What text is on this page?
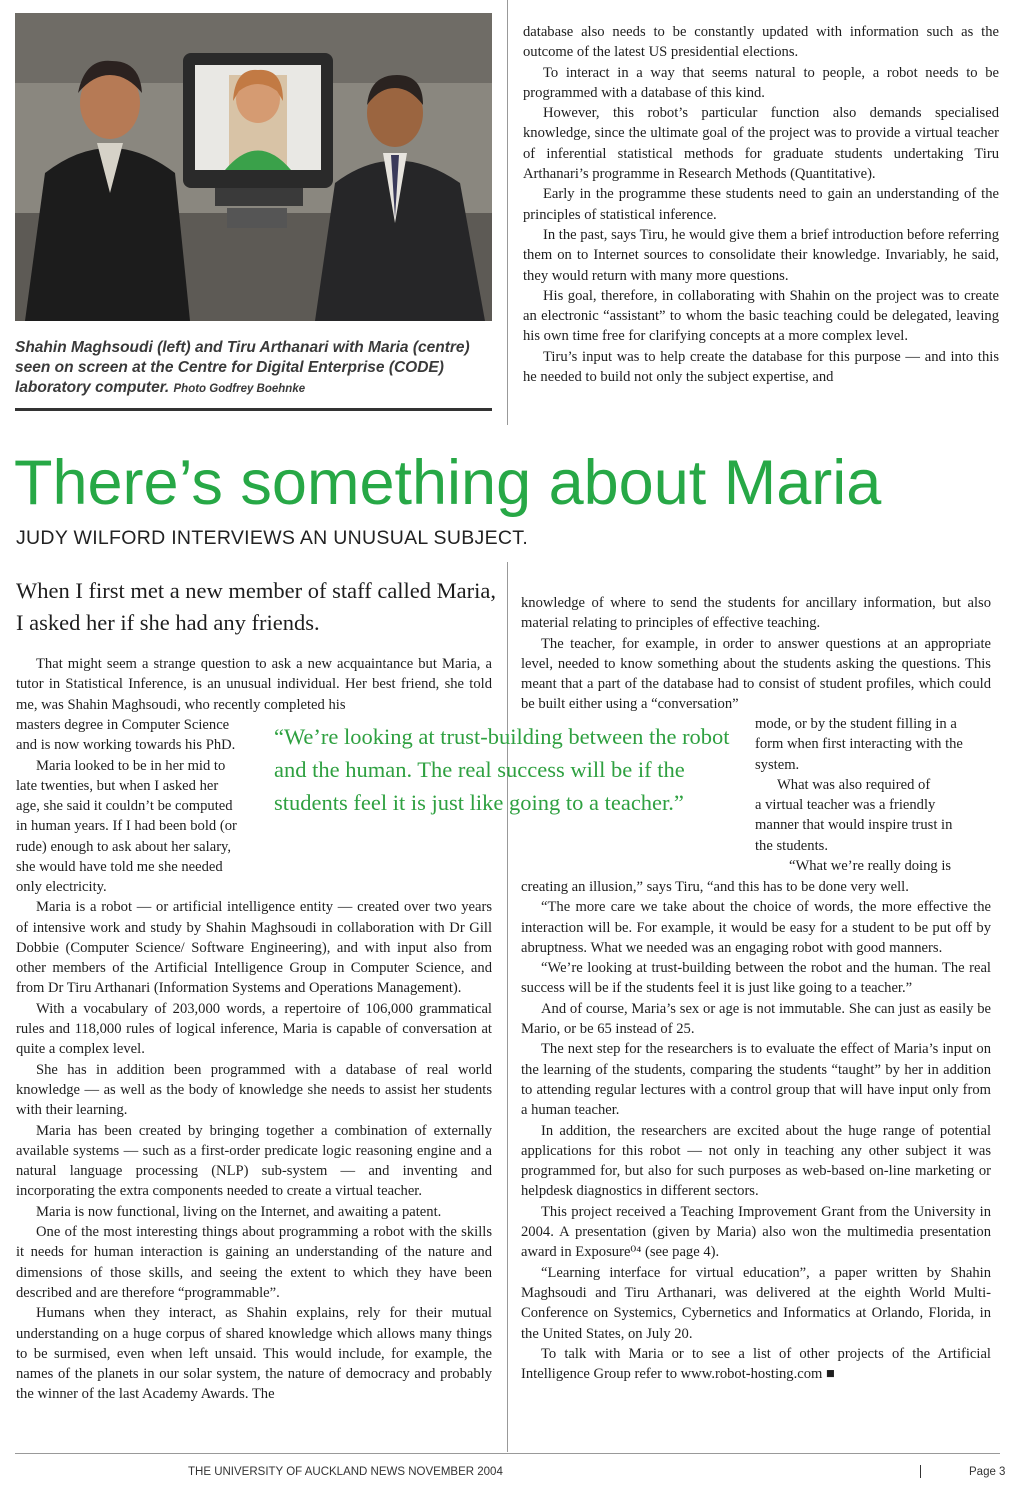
Shahin Maghsoudi (left) and Tiru Arthanari with Maria (centre) seen on screen at the Centre for Digital Enterprise (CODE) laboratory computer. Photo Godfrey Boehnke

database also needs to be constantly updated with information such as the outcome of the latest US presidential elections.

To interact in a way that seems natural to people, a robot needs to be programmed with a database of this kind.

However, this robot’s particular function also demands specialised knowledge, since the ultimate goal of the project was to provide a virtual teacher of inferential statistical methods for graduate students undertaking Tiru Arthanari’s programme in Research Methods (Quantitative).

Early in the programme these students need to gain an understanding of the principles of statistical inference.

In the past, says Tiru, he would give them a brief introduction before referring them on to Internet sources to consolidate their knowledge. Invariably, he said, they would return with many more questions.

His goal, therefore, in collaborating with Shahin on the project was to create an electronic “assistant” to whom the basic teaching could be delegated, leaving his own time free for clarifying concepts at a more complex level.

Tiru’s input was to help create the database for this purpose — and into this he needed to build not only the subject expertise, and

There’s something about Maria
JUDY WILFORD INTERVIEWS AN UNUSUAL SUBJECT.
When I first met a new member of staff called Maria, I asked her if she had any friends.

That might seem a strange question to ask a new acquaintance but Maria, a tutor in Statistical Inference, is an unusual individual. Her best friend, she told me, was Shahin Maghsoudi, who recently completed his

masters degree in Computer Science

and is now working towards his PhD.

Maria looked to be in her mid to

late twenties, but when I asked her

age, she said it couldn’t be computed

in human years. If I had been bold (or

rude) enough to ask about her salary,

she would have told me she needed

“We’re looking at trust-building between the robot and the human. The real success will be if the students feel it is just like going to a teacher.”

only electricity.

Maria is a robot — or artificial intelligence entity — created over two years of intensive work and study by Shahin Maghsoudi in collaboration with Dr Gill Dobbie (Computer Science/ Software Engineering), and with input also from other members of the Artificial Intelligence Group in Computer Science, and from Dr Tiru Arthanari (Information Systems and Operations Management).

With a vocabulary of 203,000 words, a repertoire of 106,000 grammatical rules and 118,000 rules of logical inference, Maria is capable of conversation at quite a complex level.

She has in addition been programmed with a database of real world knowledge — as well as the body of knowledge she needs to assist her students with their learning.

Maria has been created by bringing together a combination of externally available systems — such as a first-order predicate logic reasoning engine and a natural language processing (NLP) sub-system — and inventing and incorporating the extra components needed to create a virtual teacher.

Maria is now functional, living on the Internet, and awaiting a patent.

One of the most interesting things about programming a robot with the skills it needs for human interaction is gaining an understanding of the nature and dimensions of those skills, and seeing the extent to which they have been described and are therefore “programmable”.

Humans when they interact, as Shahin explains, rely for their mutual understanding on a huge corpus of shared knowledge which allows many things to be surmised, even when left unsaid. This would include, for example, the names of the planets in our solar system, the nature of democracy and probably the winner of the last Academy Awards. The

knowledge of where to send the students for ancillary information, but also material relating to principles of effective teaching.

The teacher, for example, in order to answer questions at an appropriate level, needed to know something about the students asking the questions. This meant that a part of the database had to consist of student profiles, which could be built either using a “conversation”

mode, or by the student filling in a

form when first interacting with the

system.

What was also required of

a virtual teacher was a friendly

manner that would inspire trust in

the students.

“What we’re really doing is

creating an illusion,” says Tiru, “and this has to be done very well.

“The more care we take about the choice of words, the more effective the interaction will be. For example, it would be easy for a student to be put off by abruptness. What we needed was an engaging robot with good manners.

“We’re looking at trust-building between the robot and the human. The real success will be if the students feel it is just like going to a teacher.”

And of course, Maria’s sex or age is not immutable. She can just as easily be Mario, or be 65 instead of 25.

The next step for the researchers is to evaluate the effect of Maria’s input on the learning of the students, comparing the students “taught” by her in addition to attending regular lectures with a control group that will have input only from a human teacher.

In addition, the researchers are excited about the huge range of potential applications for this robot — not only in teaching any other subject it was programmed for, but also for such purposes as web-based on-line marketing or helpdesk diagnostics in different sectors.

This project received a Teaching Improvement Grant from the University in 2004. A presentation (given by Maria) also won the multimedia presentation award in Exposure⁰⁴ (see page 4).

“Learning interface for virtual education”, a paper written by Shahin Maghsoudi and Tiru Arthanari, was delivered at the eighth World Multi-Conference on Systemics, Cybernetics and Informatics at Orlando, Florida, in the United States, on July 20.

To talk with Maria or to see a list of other projects of the Artificial Intelligence Group refer to www.robot-hosting.com ■

THE UNIVERSITY OF AUCKLAND NEWS NOVEMBER 2004	Page 3
